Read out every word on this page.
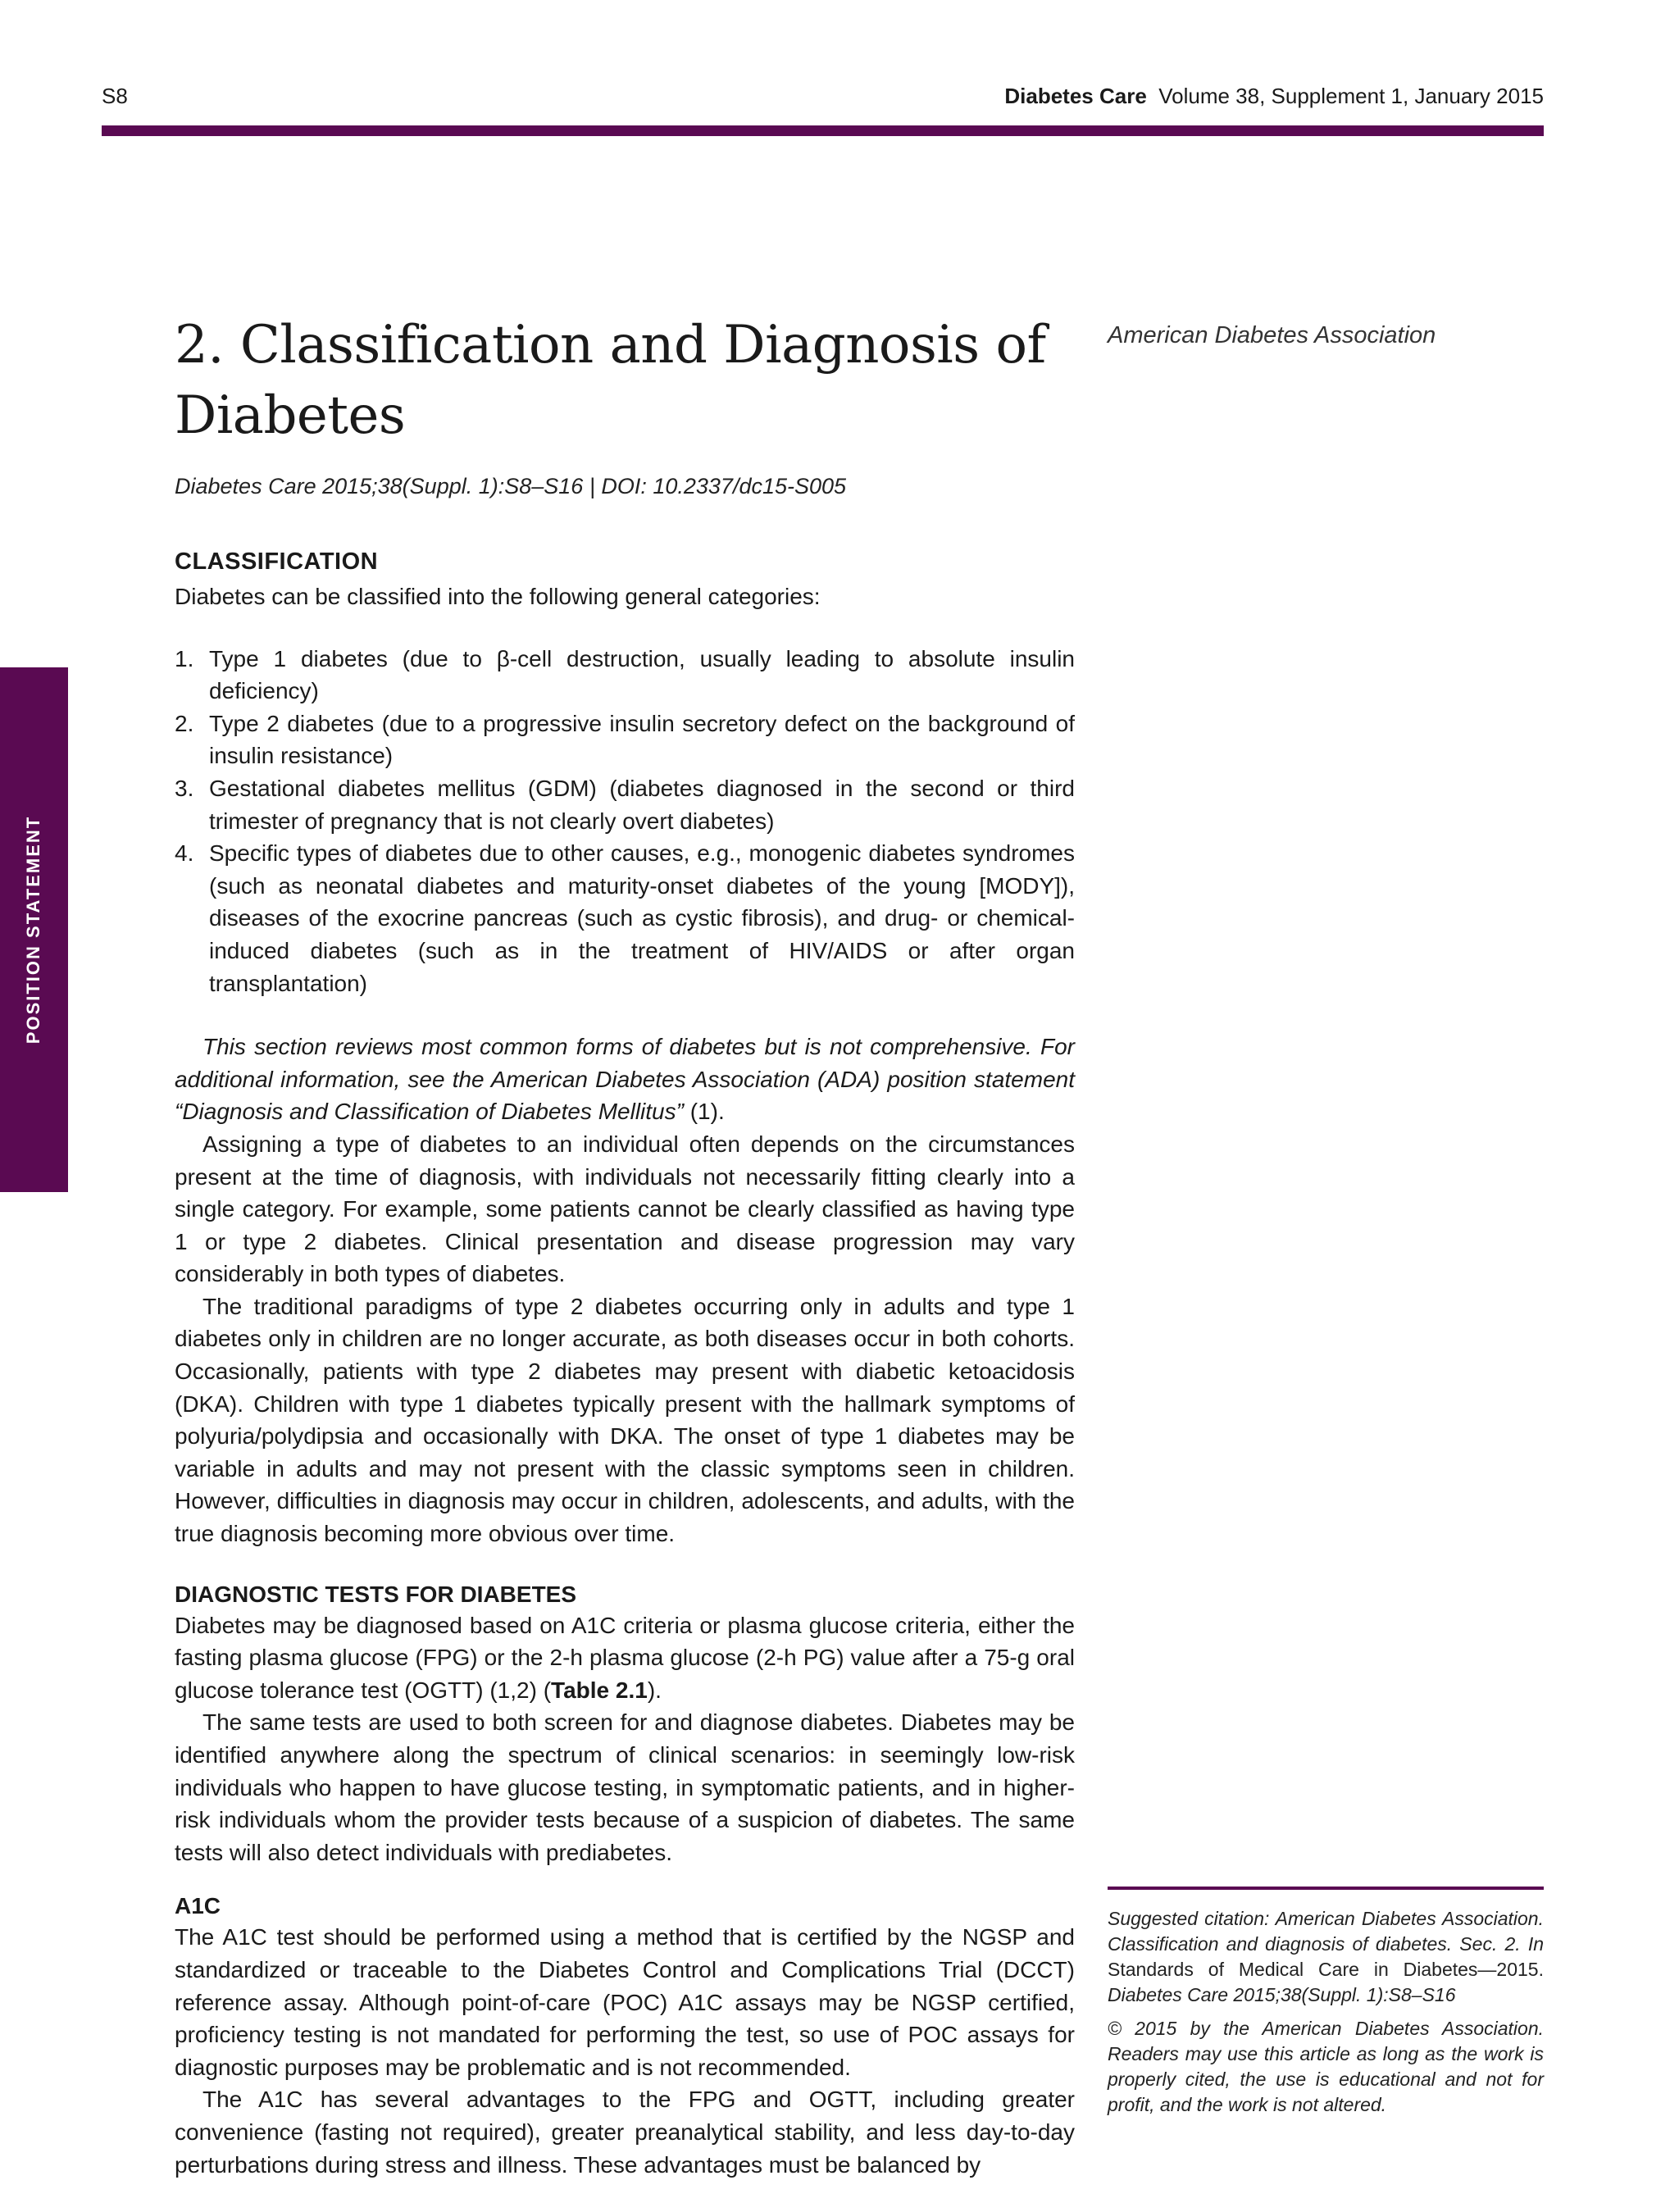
S8	Diabetes Care Volume 38, Supplement 1, January 2015
POSITION STATEMENT
American Diabetes Association
2. Classification and Diagnosis of Diabetes
Diabetes Care 2015;38(Suppl. 1):S8–S16 | DOI: 10.2337/dc15-S005
CLASSIFICATION

Diabetes can be classified into the following general categories:

1. Type 1 diabetes (due to β-cell destruction, usually leading to absolute insulin deficiency)
2. Type 2 diabetes (due to a progressive insulin secretory defect on the background of insulin resistance)
3. Gestational diabetes mellitus (GDM) (diabetes diagnosed in the second or third trimester of pregnancy that is not clearly overt diabetes)
4. Specific types of diabetes due to other causes, e.g., monogenic diabetes syndromes (such as neonatal diabetes and maturity-onset diabetes of the young [MODY]), diseases of the exocrine pancreas (such as cystic fibrosis), and drug- or chemical-induced diabetes (such as in the treatment of HIV/AIDS or after organ transplantation)

This section reviews most common forms of diabetes but is not comprehensive. For additional information, see the American Diabetes Association (ADA) position statement “Diagnosis and Classification of Diabetes Mellitus” (1).

Assigning a type of diabetes to an individual often depends on the circumstances present at the time of diagnosis, with individuals not necessarily fitting clearly into a single category. For example, some patients cannot be clearly classified as having type 1 or type 2 diabetes. Clinical presentation and disease progression may vary considerably in both types of diabetes.

The traditional paradigms of type 2 diabetes occurring only in adults and type 1 diabetes only in children are no longer accurate, as both diseases occur in both cohorts. Occasionally, patients with type 2 diabetes may present with diabetic ketoacidosis (DKA). Children with type 1 diabetes typically present with the hallmark symptoms of polyuria/polydipsia and occasionally with DKA. The onset of type 1 diabetes may be variable in adults and may not present with the classic symptoms seen in children. However, difficulties in diagnosis may occur in children, adolescents, and adults, with the true diagnosis becoming more obvious over time.

DIAGNOSTIC TESTS FOR DIABETES

Diabetes may be diagnosed based on A1C criteria or plasma glucose criteria, either the fasting plasma glucose (FPG) or the 2-h plasma glucose (2-h PG) value after a 75-g oral glucose tolerance test (OGTT) (1,2) (Table 2.1).

The same tests are used to both screen for and diagnose diabetes. Diabetes may be identified anywhere along the spectrum of clinical scenarios: in seemingly low-risk individuals who happen to have glucose testing, in symptomatic patients, and in higher-risk individuals whom the provider tests because of a suspicion of diabetes. The same tests will also detect individuals with prediabetes.

A1C

The A1C test should be performed using a method that is certified by the NGSP and standardized or traceable to the Diabetes Control and Complications Trial (DCCT) reference assay. Although point-of-care (POC) A1C assays may be NGSP certified, proficiency testing is not mandated for performing the test, so use of POC assays for diagnostic purposes may be problematic and is not recommended.

The A1C has several advantages to the FPG and OGTT, including greater convenience (fasting not required), greater preanalytical stability, and less day-to-day perturbations during stress and illness. These advantages must be balanced by

Suggested citation: American Diabetes Association. Classification and diagnosis of diabetes. Sec. 2. In Standards of Medical Care in Diabetes—2015. Diabetes Care 2015;38(Suppl. 1):S8–S16

© 2015 by the American Diabetes Association. Readers may use this article as long as the work is properly cited, the use is educational and not for profit, and the work is not altered.
